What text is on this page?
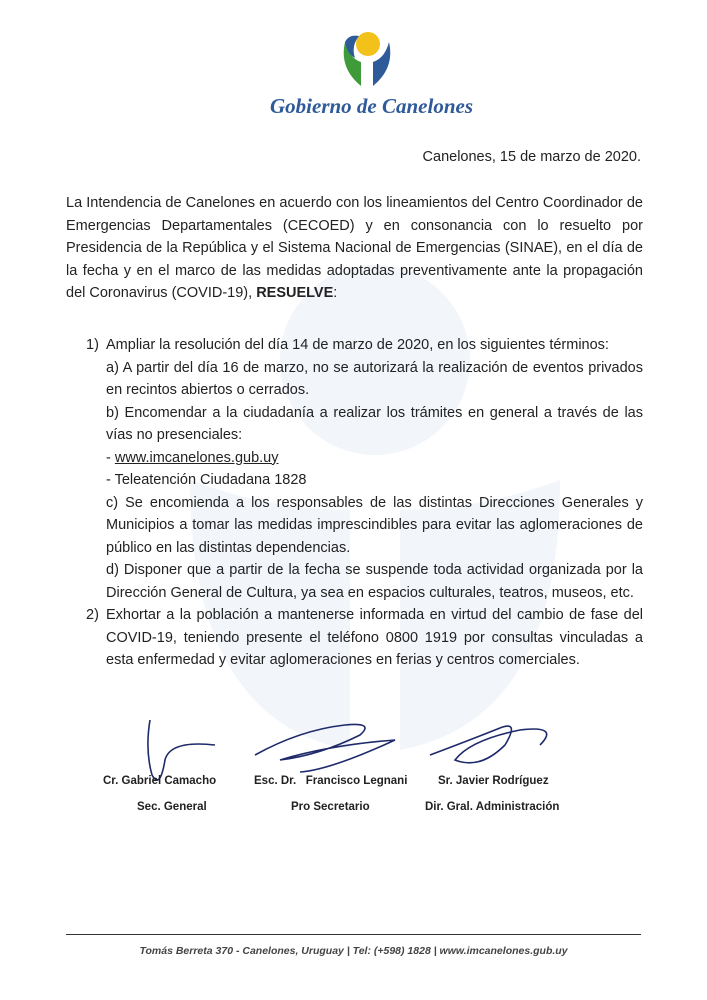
Gobierno de Canelones
Canelones, 15 de marzo de 2020.
La Intendencia de Canelones en acuerdo con los lineamientos del Centro Coordinador de Emergencias Departamentales (CECOED) y en consonancia con lo resuelto por Presidencia de la República y el Sistema Nacional de Emergencias (SINAE), en el día de la fecha y en el marco de las medidas adoptadas preventivamente ante la propagación del Coronavirus (COVID-19), RESUELVE:
1) Ampliar la resolución del día 14 de marzo de 2020, en los siguientes términos:
a) A partir del día 16 de marzo, no se autorizará la realización de eventos privados en recintos abiertos o cerrados.
b) Encomendar a la ciudadanía a realizar los trámites en general a través de las vías no presenciales:
- www.imcanelones.gub.uy
- Teleatención Ciudadana 1828
c) Se encomienda a los responsables de las distintas Direcciones Generales y Municipios a tomar las medidas imprescindibles para evitar las aglomeraciones de público en las distintas dependencias.
d) Disponer que a partir de la fecha se suspende toda actividad organizada por la Dirección General de Cultura, ya sea en espacios culturales, teatros, museos, etc.
2) Exhortar a la población a mantenerse informada en virtud del cambio de fase del COVID-19, teniendo presente el teléfono 0800 1919 por consultas vinculadas a esta enfermedad y evitar aglomeraciones en ferias y centros comerciales.
Cr. Gabriel Camacho
Sec. General
Esc. Dr.   Francisco Legnani
Pro Secretario
Sr. Javier Rodríguez
Dir. Gral. Administración
Tomás Berreta 370 - Canelones, Uruguay | Tel: (+598) 1828 | www.imcanelones.gub.uy
